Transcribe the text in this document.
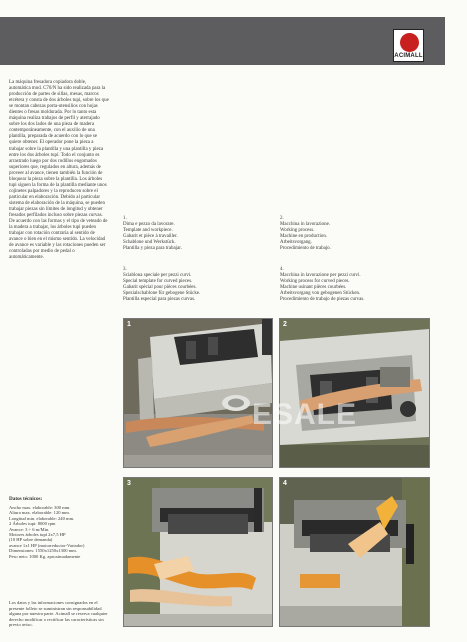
ACIMALL

La máquina fresadora copiadora doble, automática mod. C70/N ha sido realizada para la producción de partes de sillas, mesas, marcos etcétera y consta de dos árboles tupi, sobre los que se montan cabezas porta-utensilios con hojas dientes o fresas moldurada. Por lo tanto esta máquina realiza trabajos de perfil y aterrajado sobre los dos lados de una pieza de madera contemporáneamente, con el auxilio de una plantilla, preparada de acuerdo con lo que se quiere obtener. El operador pone la pieza a trabajar sobre la plantilla y una plantilla y pieza entre los dos árboles tupí. Todo el conjunto es arrastrado luego por dos rodillos engomados superiores que, regulados en altura, además de proveer al avance, tienen también la función de bloquear la pieza sobre la plantilla. Los árboles tupi siguen la forma de la plantilla mediante unos cojinetes palpadores y la reproducen sobre el particular en elaboración. Debido al particular sistema de elaboración de la máquina, se pueden trabajar piezas sin límites de longitud y obtener fresados perfilados incluso sobre piezas curvas. De acuerdo con las formas y el tipo de veteado de la madera a trabajar, los árboles tupi pueden trabajar con rotación contraria al sentido de avance o bien en el mismo sentido. La velocidad de avance es variable y las rotaciones pueden ser controladas por medio de pedal o automáticamente.

1.
Dima e pezzo da lavorare.
Template and workpiece.
Gabarit et pièce à travailler.
Schablone und Werkstück.
Plantilla y pieza para trabajar.
2.
Macchina in lavorazione.
Working process.
Machine en production.
Arbeitsvorgang.
Procedimiento de trabajo.
3.
Sciablona speciale per pezzi curvi.
Special template for curved pieces.
Gabarit spécial pour pièces courbées.
Spezialschablone für gebogene Stücke.
Plantilla especial para piezas curvas.
4.
Macchina in lavorazione per pezzi curvi.
Working process for curved pieces.
Machine usinant pièces courbées.
Arbeitsvorgang von gebogenen Stücken.
Procedimiento de trabajo de piezas curvas.
1	2
3	4
ESALE

Datos técnicos:

Ancho max. elaborable: 300 mm.
Altura max. elaborable: 120 mm.
Longitud min. elaborable: 240 mm.
2 Árboles tupi: 8000 rpm
Avance: 3 ÷ 6 m/Min.
Motores árboles tupí 2x7,5 HP
(10 HP sobre demanda)
avance 1x1 HP (motorreductor-Variador)
Dimensiones: 1550x1250x1300 mm.
Peso neto: 1000 Kg. aproximadamente

Los datos y las informaciones consignados en el presente folleto se suministran sin responsabilidad alguna por nuestra parte. Acimall se reserva cualquier derecho modificar o rectificar las características sin previo aviso.
